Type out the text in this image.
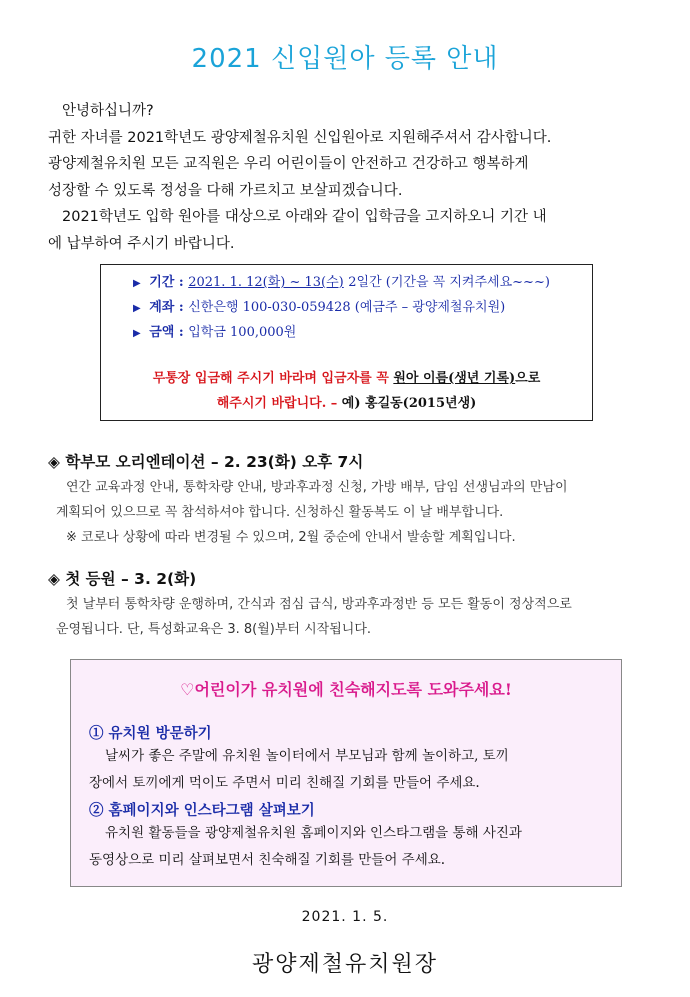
2021 신입원아 등록 안내

안녕하십니까?

귀한 자녀를 2021학년도 광양제철유치원 신입원아로 지원해주셔서 감사합니다.

광양제철유치원 모든 교직원은 우리 어린이들이 안전하고 건강하고 행복하게

성장할 수 있도록 정성을 다해 가르치고 보살피겠습니다.

2021학년도 입학 원아를 대상으로 아래와 같이 입학금을 고지하오니 기간 내

에 납부하여 주시기 바랍니다.

▶ 기간 : 2021. 1. 12(화) ~ 13(수) 2일간 (기간을 꼭 지켜주세요~~~)
▶ 계좌 : 신한은행 100-030-059428 (예금주 – 광양제철유치원)
▶ 금액 : 입학금 100,000원
무통장 입금해 주시기 바라며 입금자를 꼭 원아 이름(생년 기록)으로
해주시기 바랍니다. – 예) 홍길동(2015년생)
◈ 학부모 오리엔테이션 – 2. 23(화) 오후 7시

연간 교육과정 안내, 통학차량 안내, 방과후과정 신청, 가방 배부, 담임 선생님과의 만남이

계획되어 있으므로 꼭 참석하셔야 합니다. 신청하신 활동복도 이 날 배부합니다.

※ 코로나 상황에 따라 변경될 수 있으며, 2월 중순에 안내서 발송할 계획입니다.

◈ 첫 등원 – 3. 2(화)

첫 날부터 통학차량 운행하며, 간식과 점심 급식, 방과후과정반 등 모든 활동이 정상적으로

운영됩니다. 단, 특성화교육은 3. 8(월)부터 시작됩니다.

♡어린이가 유치원에 친숙해지도록 도와주세요!
① 유치원 방문하기
날씨가 좋은 주말에 유치원 놀이터에서 부모님과 함께 놀이하고, 토끼
장에서 토끼에게 먹이도 주면서 미리 친해질 기회를 만들어 주세요.
② 홈페이지와 인스타그램 살펴보기
유치원 활동들을 광양제철유치원 홈페이지와 인스타그램을 통해 사진과
동영상으로 미리 살펴보면서 친숙해질 기회를 만들어 주세요.
2021. 1. 5.
광양제철유치원장
